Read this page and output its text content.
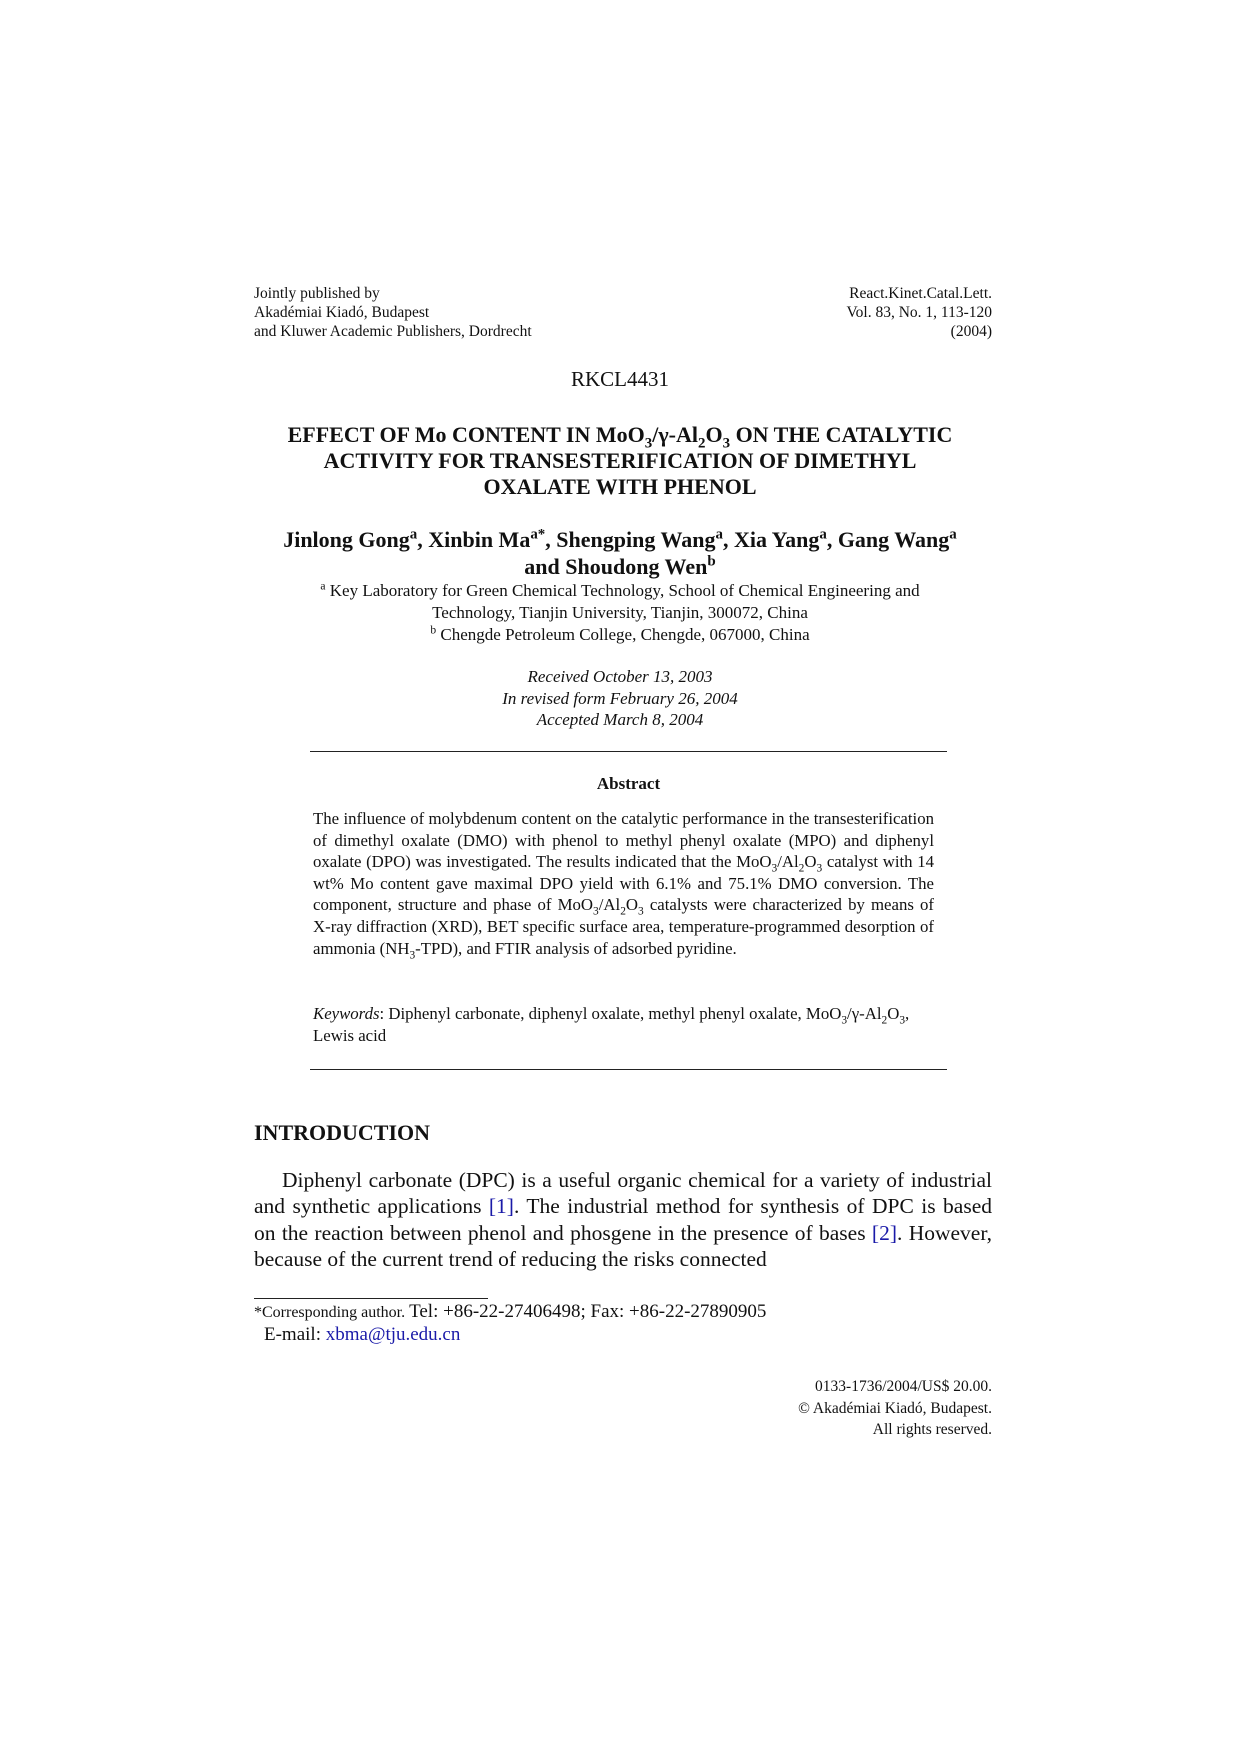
Jointly published by
Akadémiai Kiadó, Budapest
and Kluwer Academic Publishers, Dordrecht
React.Kinet.Catal.Lett.
Vol. 83, No. 1, 113-120
(2004)
RKCL4431
EFFECT OF Mo CONTENT IN $MoO_3/\gamma-Al_2O_3$ ON THE CATALYTIC
ACTIVITY FOR TRANSESTERIFICATION OF DIMETHYL
OXALATE WITH PHENOL
Jinlong Gong$^a$, Xinbin $Ma^{a*}$, Shengping Wang$^a$, Xia Yang$^a$, Gang Wang$^a$
and Shoudong Wen$^b$
$^a$ Key Laboratory for Green Chemical Technology, School of Chemical Engineering and
Technology, Tianjin University, Tianjin, 300072, China
$^b$ Chengde Petroleum College, Chengde, 067000, China
Received October 13, 2003
In revised form February 26, 2004
Accepted March 8, 2004
Abstract
The influence of molybdenum content on the catalytic performance in the transesterification of dimethyl oxalate (DMO) with phenol to methyl phenyl oxalate (MPO) and diphenyl oxalate (DPO) was investigated. The results indicated that the $MoO_3/Al_2O_3$ catalyst with 14 wt% Mo content gave maximal DPO yield with 6.1% and 75.1% DMO conversion. The component, structure and phase of $MoO_3/Al_2O_3$ catalysts were characterized by means of X-ray diffraction (XRD), BET specific surface area, temperature-programmed desorption of ammonia $(NH_3-TPD)$, and FTIR analysis of adsorbed pyridine.
Keywords: Diphenyl carbonate, diphenyl oxalate, methyl phenyl oxalate, $MoO_3/\gamma-Al_2O_3$, Lewis acid
INTRODUCTION
Diphenyl carbonate (DPC) is a useful organic chemical for a variety of industrial and synthetic applications [1]. The industrial method for synthesis of DPC is based on the reaction between phenol and phosgene in the presence of bases [2]. However, because of the current trend of reducing the risks connected
*Corresponding author. Tel: +86-22-27406498; Fax: +86-22-27890905
E-mail: xbma@tju.edu.cn
0133-1736/2004/US$ 20.00.
© Akadémiai Kiadó, Budapest.
All rights reserved.
